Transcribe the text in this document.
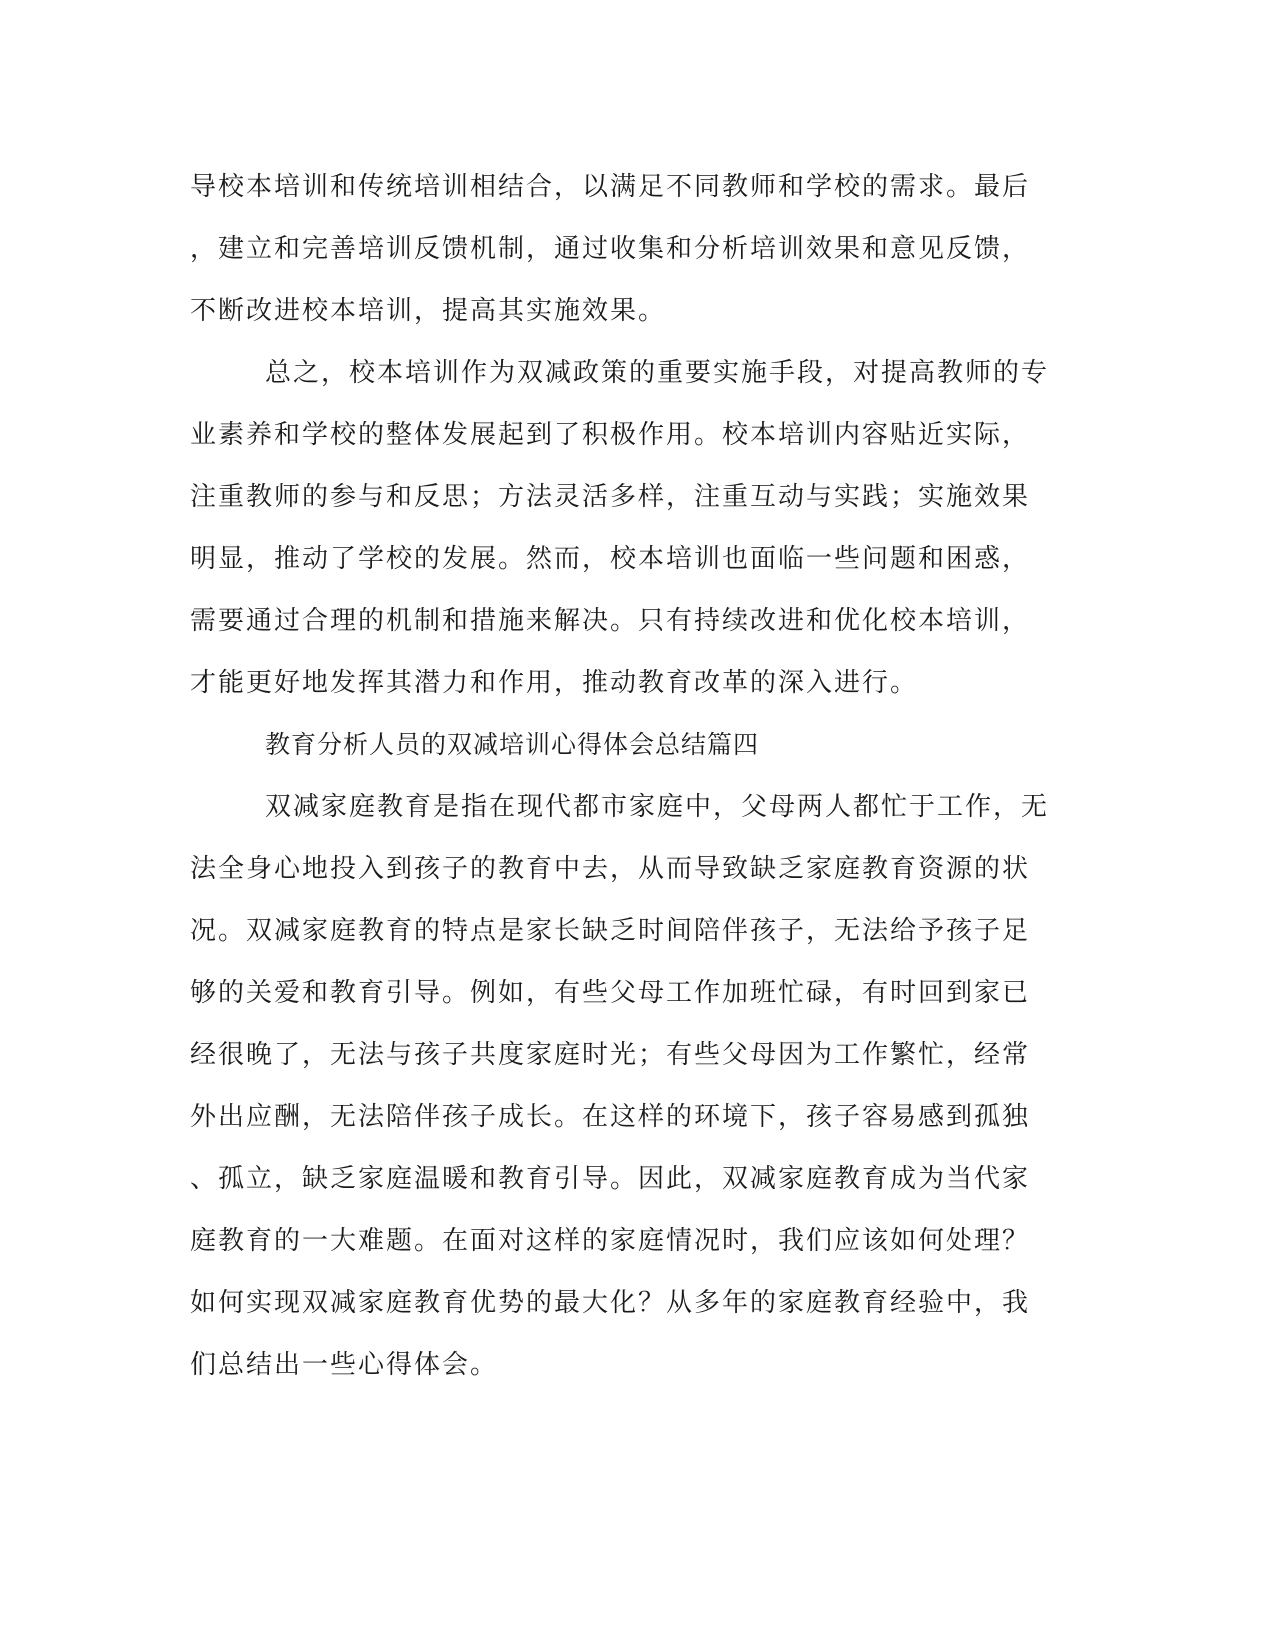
导校本培训和传统培训相结合，以满足不同教师和学校的需求。最后
，建立和完善培训反馈机制，通过收集和分析培训效果和意见反馈，
不断改进校本培训，提高其实施效果。
总之，校本培训作为双减政策的重要实施手段，对提高教师的专
业素养和学校的整体发展起到了积极作用。校本培训内容贴近实际，
注重教师的参与和反思；方法灵活多样，注重互动与实践；实施效果
明显，推动了学校的发展。然而，校本培训也面临一些问题和困惑，
需要通过合理的机制和措施来解决。只有持续改进和优化校本培训，
才能更好地发挥其潜力和作用，推动教育改革的深入进行。
教育分析人员的双减培训心得体会总结篇四
双减家庭教育是指在现代都市家庭中，父母两人都忙于工作，无
法全身心地投入到孩子的教育中去，从而导致缺乏家庭教育资源的状
况。双减家庭教育的特点是家长缺乏时间陪伴孩子，无法给予孩子足
够的关爱和教育引导。例如，有些父母工作加班忙碌，有时回到家已
经很晚了，无法与孩子共度家庭时光；有些父母因为工作繁忙，经常
外出应酬，无法陪伴孩子成长。在这样的环境下，孩子容易感到孤独
、孤立，缺乏家庭温暖和教育引导。因此，双减家庭教育成为当代家
庭教育的一大难题。在面对这样的家庭情况时，我们应该如何处理？
如何实现双减家庭教育优势的最大化？从多年的家庭教育经验中，我
们总结出一些心得体会。
